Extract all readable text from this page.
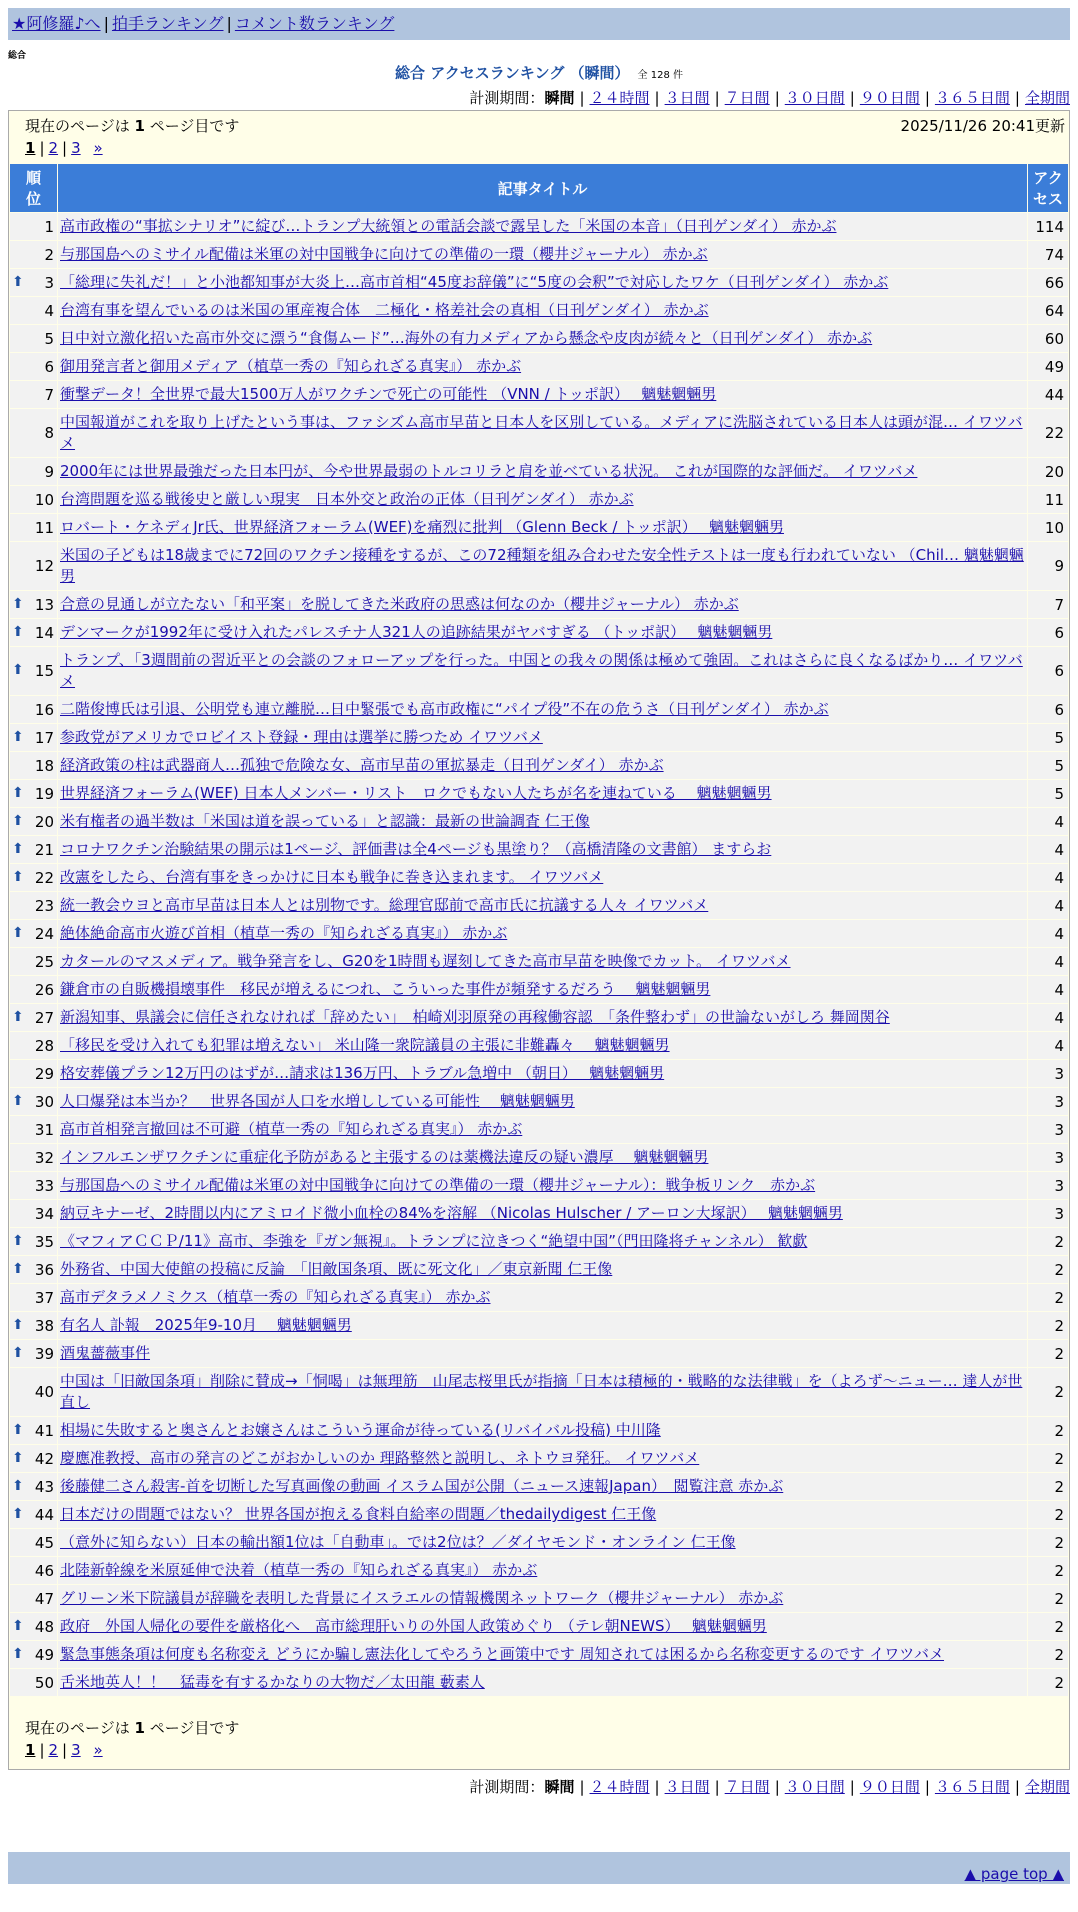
★阿修羅♪へ | 拍手ランキング | コメント数ランキング
総合
総合 アクセスランキング （瞬間） 全 128 件
計測期間：瞬間 | ２４時間 | ３日間 | ７日間 | ３０日間 | ９０日間 | ３６５日間 | 全期間
現在のページは 1 ページ目です	2025/11/26 20:41更新
1 | 2 | 3 »
順
位	記事タイトル	アク
セス
1	高市政権の“事拡シナリオ”に綻び…トランプ大統領との電話会談で露呈した「米国の本音」（日刊ゲンダイ） 赤かぶ	114
2	与那国島へのミサイル配備は米軍の対中国戦争に向けての準備の一環（櫻井ジャーナル） 赤かぶ	74

⬆ 3	「総理に失礼だ！」と小池都知事が大炎上…高市首相“45度お辞儀”に“5度の会釈”で対応したワケ（日刊ゲンダイ） 赤かぶ	66
4	台湾有事を望んでいるのは米国の軍産複合体　二極化・格差社会の真相（日刊ゲンダイ） 赤かぶ	64
5	日中対立激化招いた高市外交に漂う“食傷ムード”…海外の有力メディアから懸念や皮肉が続々と（日刊ゲンダイ） 赤かぶ	60
6	御用発言者と御用メディア（植草一秀の『知られざる真実』） 赤かぶ	49
7	衝撃データ！全世界で最大1500万人がワクチンで死亡の可能性 （VNN / トッポ訳）　 魑魅魍魎男	44
8	中国報道がこれを取り上げたという事は、ファシズム高市早苗と日本人を区別している。メディアに洗脳されている日本人は頭が混… イワツバメ	22
9	2000年には世界最強だった日本円が、今や世界最弱のトルコリラと肩を並べている状況。 これが国際的な評価だ。 イワツバメ	20
10	台湾問題を巡る戦後史と厳しい現実　日本外交と政治の正体（日刊ゲンダイ） 赤かぶ	11
11	ロバート・ケネディJr氏、世界経済フォーラム(WEF)を痛烈に批判 （Glenn Beck / トッポ訳）　 魑魅魍魎男	10
12	米国の子どもは18歳までに72回のワクチン接種をするが、この72種類を組み合わせた安全性テストは一度も行われていない （Chil… 魑魅魍魎男	9

⬆ 13	合意の見通しが立たない「和平案」を脱してきた米政府の思惑は何なのか（櫻井ジャーナル） 赤かぶ	7

⬆ 14	デンマークが1992年に受け入れたパレスチナ人321人の追跡結果がヤバすぎる （トッポ訳）　 魑魅魍魎男	6

⬆ 15	トランプ、「3週間前の習近平との会談のフォローアップを行った。中国との我々の関係は極めて強固。これはさらに良くなるばかり… イワツバメ	6
16	二階俊博氏は引退、公明党も連立離脱…日中緊張でも高市政権に“パイプ役”不在の危うさ（日刊ゲンダイ） 赤かぶ	6

⬆ 17	参政党がアメリカでロビイスト登録・理由は選挙に勝つため イワツバメ	5
18	経済政策の柱は武器商人…孤独で危険な女、高市早苗の軍拡暴走（日刊ゲンダイ） 赤かぶ	5

⬆ 19	世界経済フォーラム(WEF) 日本人メンバー・リスト　ロクでもない人たちが名を連ねている　 魑魅魍魎男	5

⬆ 20	米有権者の過半数は「米国は道を誤っている」と認識：最新の世論調査 仁王像	4

⬆ 21	コロナワクチン治験結果の開示は1ページ、評価書は全4ページも黒塗り？（高橋清隆の文書館） ますらお	4

⬆ 22	改憲をしたら、台湾有事をきっかけに日本も戦争に巻き込まれます。 イワツバメ	4
23	統一教会ウヨと高市早苗は日本人とは別物です。総理官邸前で高市氏に抗議する人々 イワツバメ	4

⬆ 24	絶体絶命高市火遊び首相（植草一秀の『知られざる真実』） 赤かぶ	4
25	カタールのマスメディア。戦争発言をし、G20を1時間も遅刻してきた高市早苗を映像でカット。 イワツバメ	4
26	鎌倉市の自販機損壊事件　移民が増えるにつれ、こういった事件が頻発するだろう　 魑魅魍魎男	4

⬆ 27	新潟知事、県議会に信任されなければ「辞めたい」　柏崎刈羽原発の再稼働容認　「条件整わず」の世論ないがしろ 舞岡関谷	4
28	「移民を受け入れても犯罪は増えない」 米山隆一衆院議員の主張に非難轟々　 魑魅魍魎男	4
29	格安葬儀プラン12万円のはずが…請求は136万円、トラブル急増中 （朝日）　 魑魅魍魎男	3

⬆ 30	人口爆発は本当か？　世界各国が人口を水増ししている可能性　 魑魅魍魎男	3
31	高市首相発言撤回は不可避（植草一秀の『知られざる真実』） 赤かぶ	3
32	インフルエンザワクチンに重症化予防があると主張するのは薬機法違反の疑い濃厚　 魑魅魍魎男	3
33	与那国島へのミサイル配備は米軍の対中国戦争に向けての準備の一環（櫻井ジャーナル）：戦争板リンク　赤かぶ	3
34	納豆キナーゼ、2時間以内にアミロイド微小血栓の84%を溶解 （Nicolas Hulscher / アーロン大塚訳）　 魑魅魍魎男	3

⬆ 35	《マフィアＣＣＰ/11》高市、李強を『ガン無視』。トランプに泣きつく“絶望中国”（門田隆将チャンネル） 歓歔	2

⬆ 36	外務省、中国大使館の投稿に反論　「旧敵国条項、既に死文化」／東京新聞 仁王像	2
37	高市デタラメノミクス（植草一秀の『知られざる真実』） 赤かぶ	2

⬆ 38	有名人 訃報　2025年9-10月　 魑魅魍魎男	2

⬆ 39	酒鬼薔薇事件	2
40	中国は「旧敵国条項」削除に賛成→「恫喝」は無理筋　山尾志桜里氏が指摘「日本は積極的・戦略的な法律戦」を（よろず〜ニュー… 達人が世直し	2

⬆ 41	相場に失敗すると奥さんとお嬢さんはこういう運命が待っている(リバイバル投稿) 中川隆	2

⬆ 42	慶應准教授、高市の発言のどこがおかしいのか 理路整然と説明し、ネトウヨ発狂。 イワツバメ	2

⬆ 43	後藤健二さん殺害-首を切断した写真画像の動画 イスラム国が公開（ニュース速報Japan）　閲覧注意 赤かぶ	2

⬆ 44	日本だけの問題ではない？ 世界各国が抱える食料自給率の問題／thedailydigest 仁王像	2
45	（意外に知らない）日本の輸出額1位は「自動車」。では2位は？／ダイヤモンド・オンライン 仁王像	2
46	北陸新幹線を米原延伸で決着（植草一秀の『知られざる真実』） 赤かぶ	2
47	グリーン米下院議員が辞職を表明した背景にイスラエルの情報機関ネットワーク（櫻井ジャーナル） 赤かぶ	2

⬆ 48	政府　外国人帰化の要件を厳格化へ　高市総理肝いりの外国人政策めぐり （テレ朝NEWS）　 魑魅魍魎男	2

⬆ 49	緊急事態条項は何度も名称変え どうにか騙し憲法化してやろうと画策中です 周知されては困るから名称変更するのです イワツバメ	2
50	舌米地英人！！　猛毒を有するかなりの大物だ／太田龍 藪素人	2
現在のページは 1 ページ目です
1 | 2 | 3 »
計測期間：瞬間 | ２４時間 | ３日間 | ７日間 | ３０日間 | ９０日間 | ３６５日間 | 全期間
▲ page top ▲
